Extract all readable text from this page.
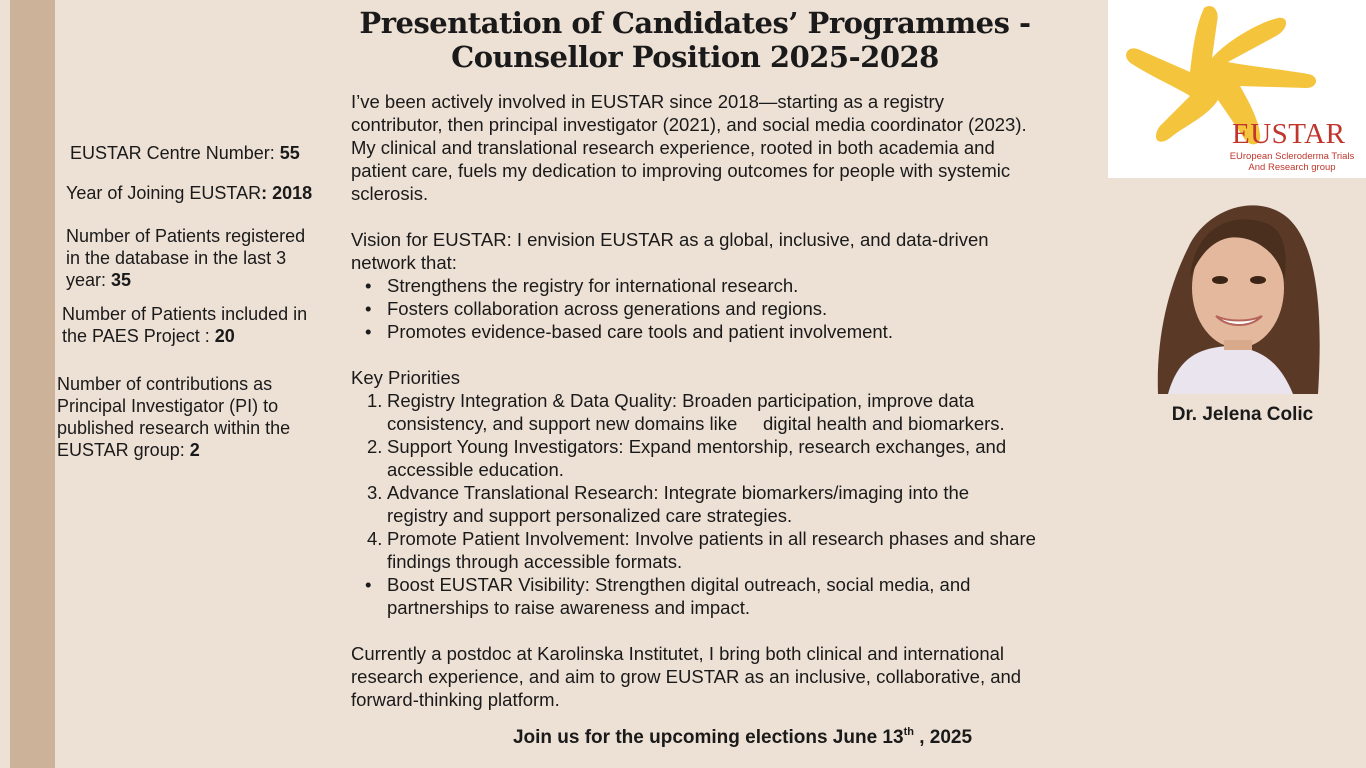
Presentation of Candidates’ Programmes -
Counsellor Position 2025-2028
EUSTAR Centre Number: 55
Year of Joining EUSTAR: 2018
Number of Patients registered
in the database in the last 3
year: 35
Number of Patients included in
the PAES Project : 20
Number of contributions as
Principal Investigator (PI) to
published research within the
EUSTAR group: 2
I’ve been actively involved in EUSTAR since 2018—starting as a registry
contributor, then principal investigator (2021), and social media coordinator (2023).
My clinical and translational research experience, rooted in both academia and
patient care, fuels my dedication to improving outcomes for people with systemic
sclerosis.
Vision for EUSTAR: I envision EUSTAR as a global, inclusive, and data-driven
network that:
• Strengthens the registry for international research.
• Fosters collaboration across generations and regions.
• Promotes evidence-based care tools and patient involvement.
Key Priorities
1. Registry Integration & Data Quality: Broaden participation, improve data
consistency, and support new domains like     digital health and biomarkers.
2. Support Young Investigators: Expand mentorship, research exchanges, and
accessible education.
3. Advance Translational Research: Integrate biomarkers/imaging into the
registry and support personalized care strategies.
4. Promote Patient Involvement: Involve patients in all research phases and share
findings through accessible formats.
• Boost EUSTAR Visibility: Strengthen digital outreach, social media, and
partnerships to raise awareness and impact.
Currently a postdoc at Karolinska Institutet, I bring both clinical and international
research experience, and aim to grow EUSTAR as an inclusive, collaborative, and
forward-thinking platform.
Join us for the upcoming elections June 13th , 2025
EUSTAR
EUropean Scleroderma Trials
And Research group
Dr. Jelena Colic
